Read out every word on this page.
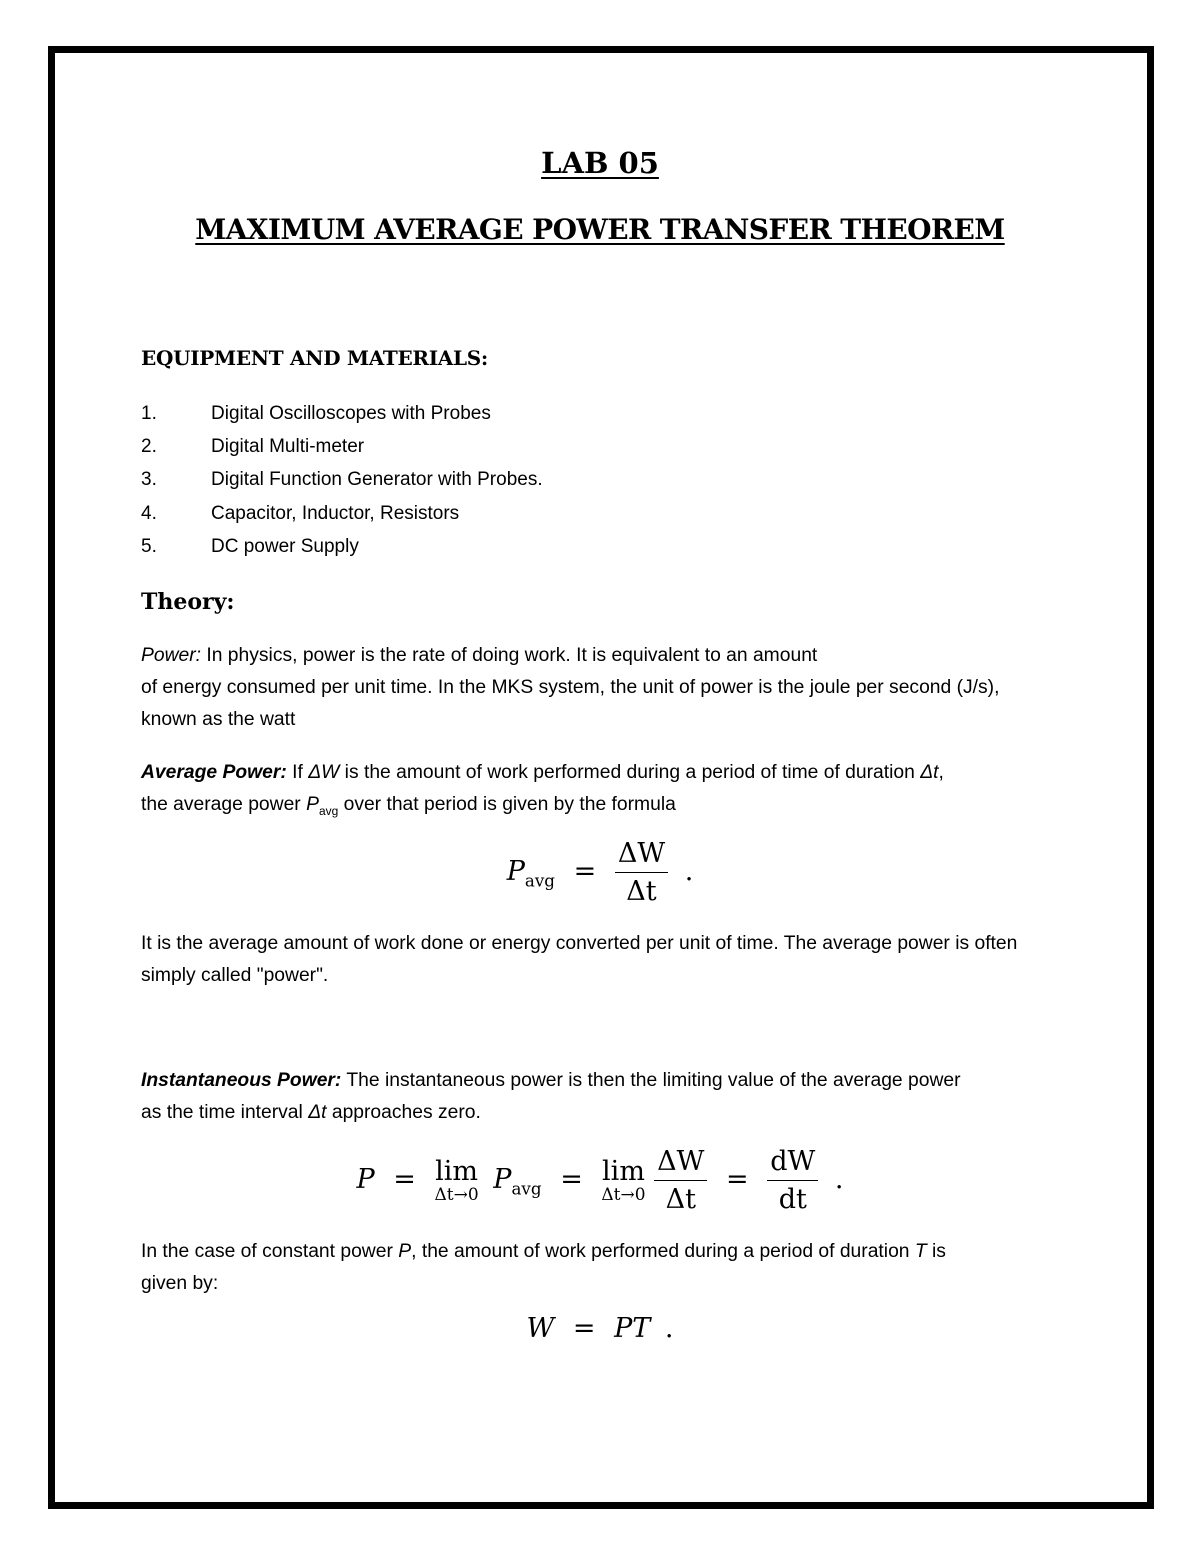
LAB 05
MAXIMUM AVERAGE POWER TRANSFER THEOREM
EQUIPMENT AND MATERIALS:
1.	Digital Oscilloscopes with Probes
2.	Digital Multi-meter
3.	Digital Function Generator with Probes.
4.	Capacitor, Inductor, Resistors
5.	DC power Supply
Theory:
Power: In physics, power is the rate of doing work. It is equivalent to an amount
of energy consumed per unit time. In the MKS system, the unit of power is the joule per second (J/s), known as the watt
Average Power: If ΔW is the amount of work performed during a period of time of duration Δt,
the average power $P_{avg}$ over that period is given by the formula
$P_{avg} = \frac{\Delta W}{\Delta t}$ .
It is the average amount of work done or energy converted per unit of time. The average power is often simply called "power".
Instantaneous Power: The instantaneous power is then the limiting value of the average power
as the time interval Δt approaches zero.
P = lim
Δt→0 $P_{avg} = \lim$
Δt→0
$\frac{\Delta W}{\Delta t} = \frac{dW}{dt}$ .
In the case of constant power P, the amount of work performed during a period of duration T is
given by:
W = PT .
